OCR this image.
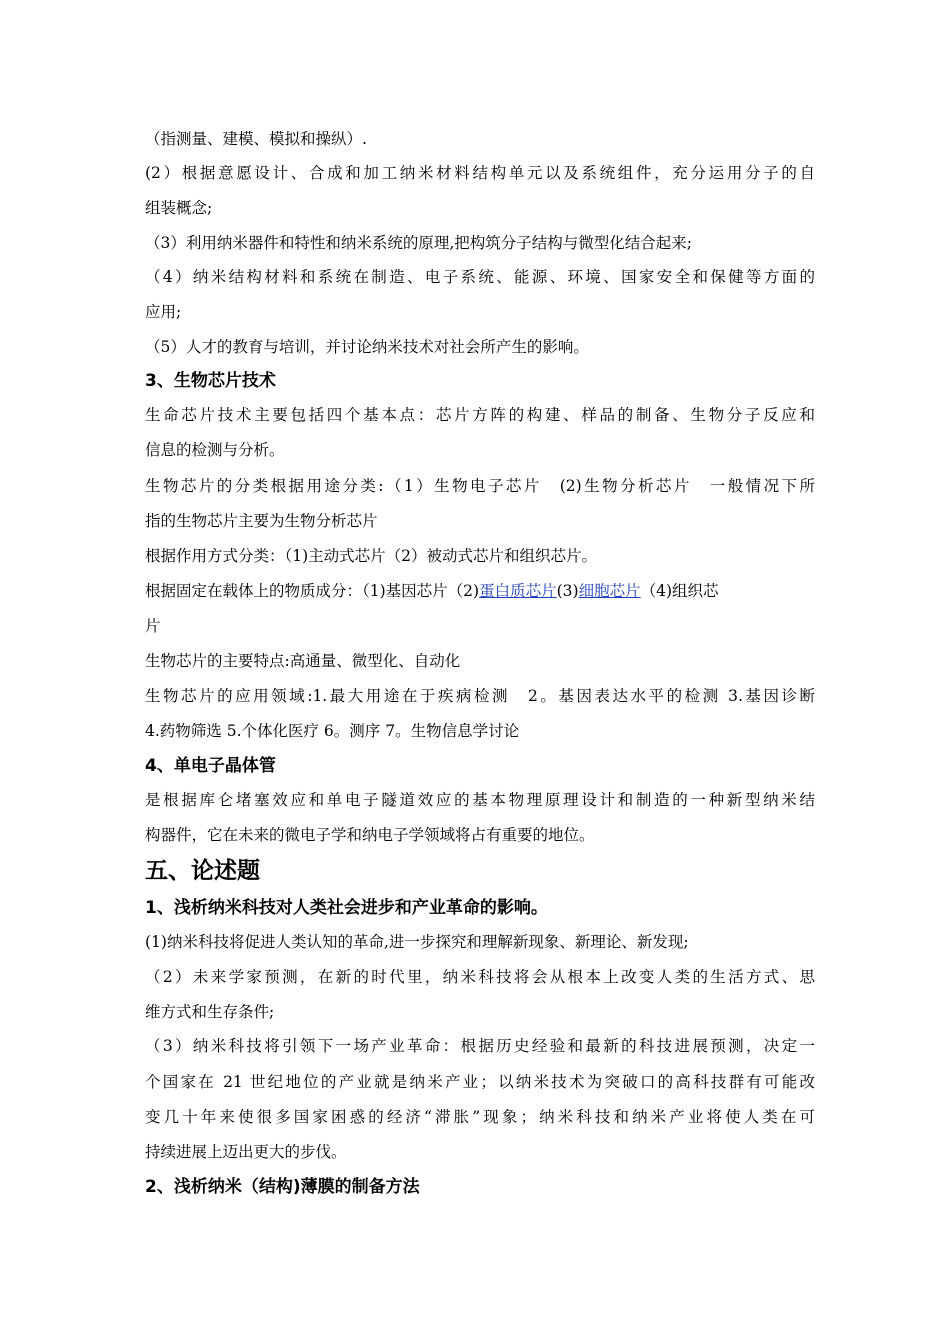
（指测量、建模、模拟和操纵）.
(2）根据意愿设计、合成和加工纳米材料结构单元以及系统组件，充分运用分子的自
组装概念;
（3）利用纳米器件和特性和纳米系统的原理,把构筑分子结构与微型化结合起来;
（4）纳米结构材料和系统在制造、电子系统、能源、环境、国家安全和保健等方面的
应用;
（5）人才的教育与培训，并讨论纳米技术对社会所产生的影响。
3、生物芯片技术
生命芯片技术主要包括四个基本点：芯片方阵的构建、样品的制备、生物分子反应和
信息的检测与分析。
生物芯片的分类根据用途分类:（1）生物电子芯片　(2)生物分析芯片　一般情况下所
指的生物芯片主要为生物分析芯片
根据作用方式分类：（1)主动式芯片（2）被动式芯片和组织芯片。
根据固定在载体上的物质成分：（1)基因芯片（2)蛋白质芯片(3)细胞芯片（4)组织芯
片
生物芯片的主要特点:高通量、微型化、自动化
生物芯片的应用领域:1.最大用途在于疾病检测　2。基因表达水平的检测 3.基因诊断
4.药物筛选 5.个体化医疗 6。测序 7。生物信息学讨论
4、单电子晶体管
是根据库仑堵塞效应和单电子隧道效应的基本物理原理设计和制造的一种新型纳米结
构器件，它在未来的微电子学和纳电子学领域将占有重要的地位。
五、论述题
1、浅析纳米科技对人类社会进步和产业革命的影响。
(1)纳米科技将促进人类认知的革命,进一步探究和理解新现象、新理论、新发现;
（2）未来学家预测，在新的时代里，纳米科技将会从根本上改变人类的生活方式、思
维方式和生存条件;
（3）纳米科技将引领下一场产业革命：根据历史经验和最新的科技进展预测，决定一
个国家在 21 世纪地位的产业就是纳米产业；以纳米技术为突破口的高科技群有可能改
变几十年来使很多国家困惑的经济“滞胀”现象；纳米科技和纳米产业将使人类在可
持续进展上迈出更大的步伐。
2、浅析纳米（结构)薄膜的制备方法
